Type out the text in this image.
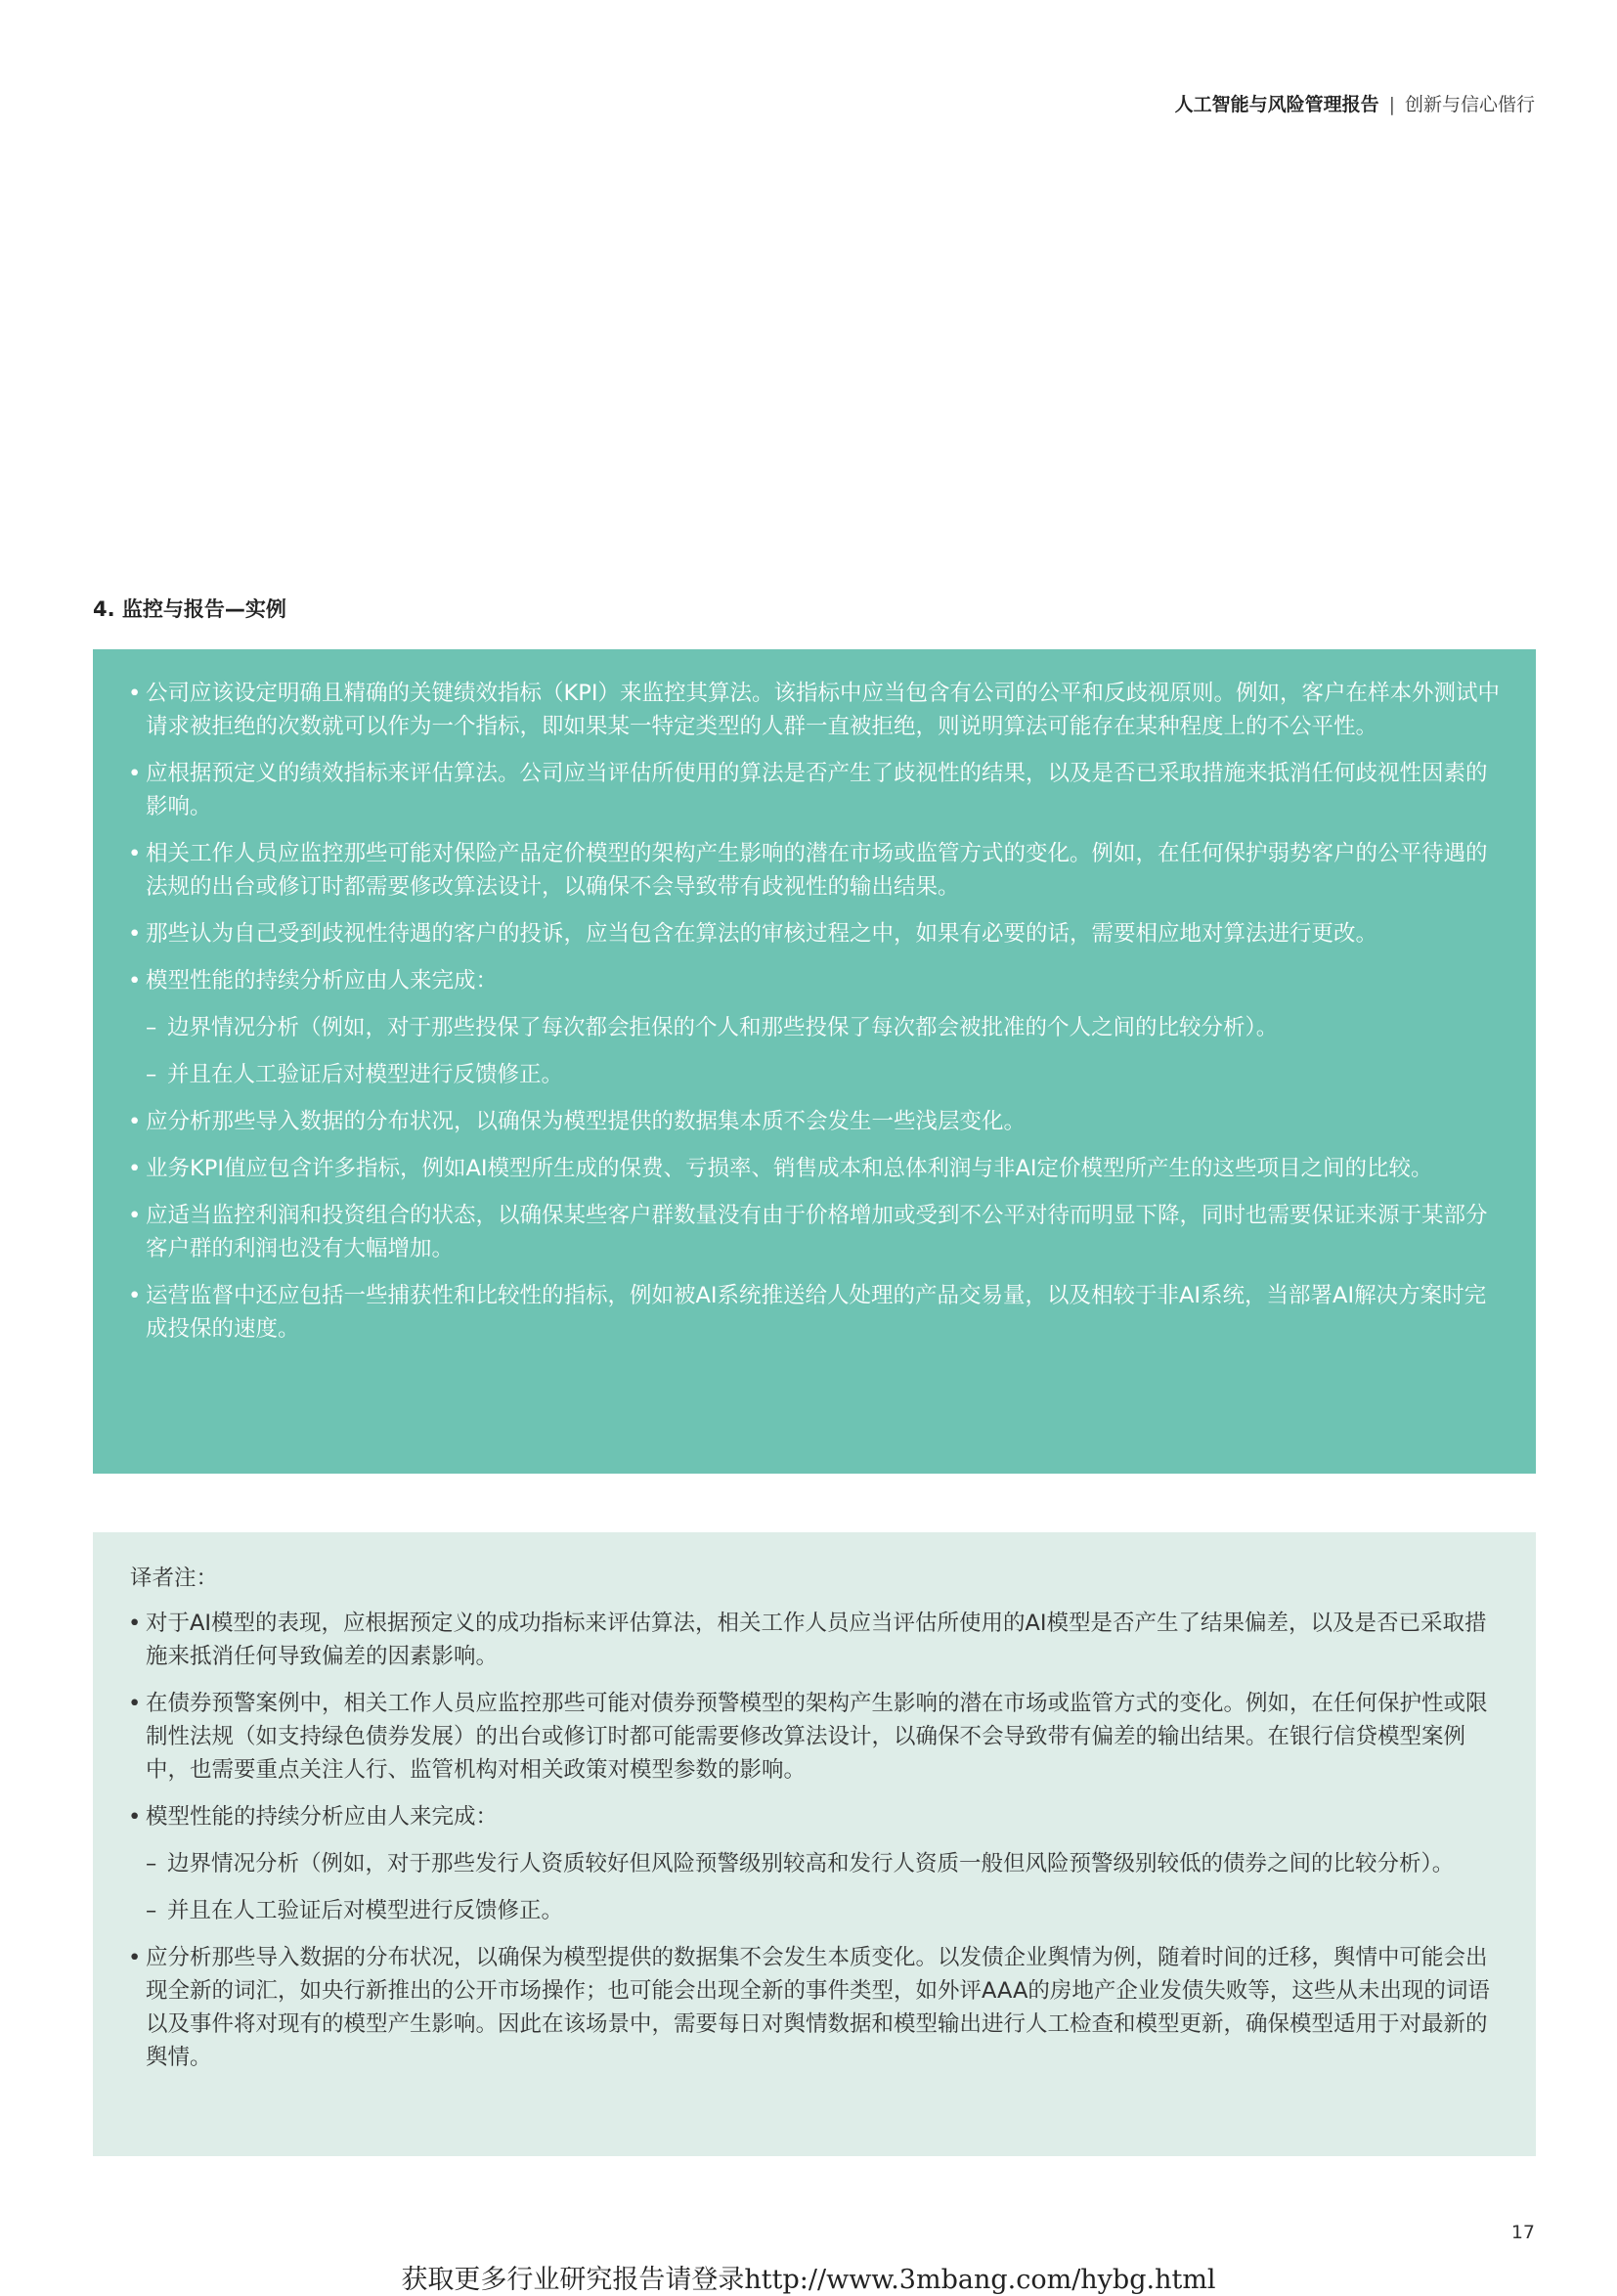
人工智能与风险管理报告 | 创新与信心偕行
4. 监控与报告—实例
• 公司应该设定明确且精确的关键绩效指标（KPI）来监控其算法。该指标中应当包含有公司的公平和反歧视原则。例如，客户在样本外测试中请求被拒绝的次数就可以作为一个指标，即如果某一特定类型的人群一直被拒绝，则说明算法可能存在某种程度上的不公平性。
• 应根据预定义的绩效指标来评估算法。公司应当评估所使用的算法是否产生了歧视性的结果，以及是否已采取措施来抵消任何歧视性因素的影响。
• 相关工作人员应监控那些可能对保险产品定价模型的架构产生影响的潜在市场或监管方式的变化。例如，在任何保护弱势客户的公平待遇的法规的出台或修订时都需要修改算法设计，以确保不会导致带有歧视性的输出结果。
• 那些认为自己受到歧视性待遇的客户的投诉，应当包含在算法的审核过程之中，如果有必要的话，需要相应地对算法进行更改。
• 模型性能的持续分析应由人来完成：
– 边界情况分析（例如，对于那些投保了每次都会拒保的个人和那些投保了每次都会被批准的个人之间的比较分析）。
– 并且在人工验证后对模型进行反馈修正。
• 应分析那些导入数据的分布状况，以确保为模型提供的数据集本质不会发生一些浅层变化。
• 业务KPI值应包含许多指标，例如AI模型所生成的保费、亏损率、销售成本和总体利润与非AI定价模型所产生的这些项目之间的比较。
• 应适当监控利润和投资组合的状态，以确保某些客户群数量没有由于价格增加或受到不公平对待而明显下降，同时也需要保证来源于某部分客户群的利润也没有大幅增加。
• 运营监督中还应包括一些捕获性和比较性的指标，例如被AI系统推送给人处理的产品交易量，以及相较于非AI系统，当部署AI解决方案时完成投保的速度。
译者注：
• 对于AI模型的表现，应根据预定义的成功指标来评估算法，相关工作人员应当评估所使用的AI模型是否产生了结果偏差，以及是否已采取措施来抵消任何导致偏差的因素影响。
• 在债券预警案例中，相关工作人员应监控那些可能对债券预警模型的架构产生影响的潜在市场或监管方式的变化。例如，在任何保护性或限制性法规（如支持绿色债券发展）的出台或修订时都可能需要修改算法设计，以确保不会导致带有偏差的输出结果。在银行信贷模型案例中，也需要重点关注人行、监管机构对相关政策对模型参数的影响。
• 模型性能的持续分析应由人来完成：
– 边界情况分析（例如，对于那些发行人资质较好但风险预警级别较高和发行人资质一般但风险预警级别较低的债券之间的比较分析）。
– 并且在人工验证后对模型进行反馈修正。
• 应分析那些导入数据的分布状况，以确保为模型提供的数据集不会发生本质变化。以发债企业舆情为例，随着时间的迁移，舆情中可能会出现全新的词汇，如央行新推出的公开市场操作；也可能会出现全新的事件类型，如外评AAA的房地产企业发债失败等，这些从未出现的词语以及事件将对现有的模型产生影响。因此在该场景中，需要每日对舆情数据和模型输出进行人工检查和模型更新，确保模型适用于对最新的舆情。
17
获取更多行业研究报告请登录http://www.3mbang.com/hybg.html
